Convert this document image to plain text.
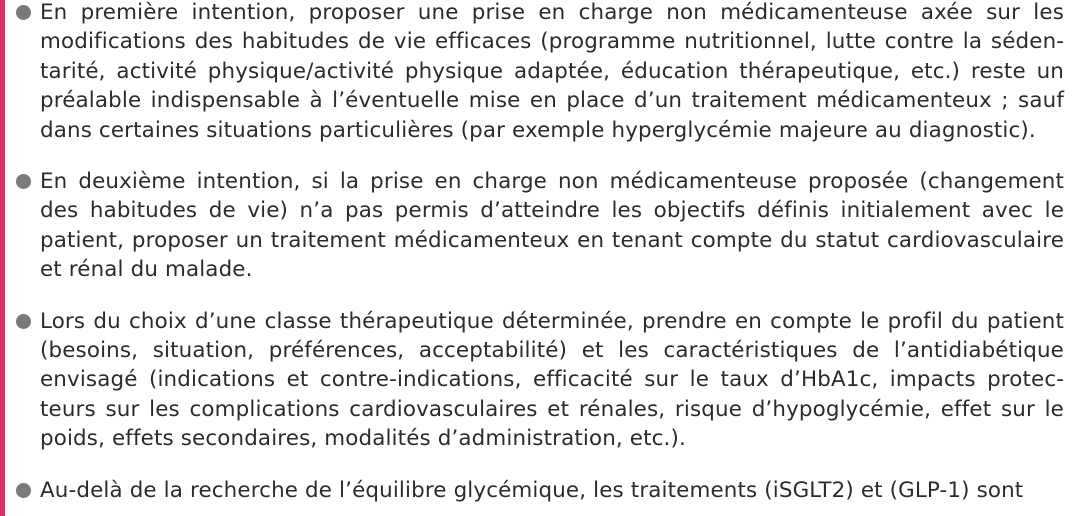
En première intention, proposer une prise en charge non médicamenteuse axée sur les modifications des habitudes de vie efficaces (programme nutritionnel, lutte contre la sédentarité, activité physique/activité physique adaptée, éducation thérapeutique, etc.) reste un préalable indispensable à l’éventuelle mise en place d’un traitement médicamenteux ; sauf dans certaines situations particulières (par exemple hyperglycémie majeure au diagnostic).
En deuxième intention, si la prise en charge non médicamenteuse proposée (changement des habitudes de vie) n’a pas permis d’atteindre les objectifs définis initialement avec le patient, proposer un traitement médicamenteux en tenant compte du statut cardiovasculaire et rénal du malade.
Lors du choix d’une classe thérapeutique déterminée, prendre en compte le profil du patient (besoins, situation, préférences, acceptabilité) et les caractéristiques de l’antidiabétique envisagé (indications et contre-indications, efficacité sur le taux d’HbA1c, impacts protecteurs sur les complications cardiovasculaires et rénales, risque d’hypoglycémie, effet sur le poids, effets secondaires, modalités d’administration, etc.).
Au-delà de la recherche de l’équilibre glycémique, les traitements (iSGLT2) et (GLP-1) sont
